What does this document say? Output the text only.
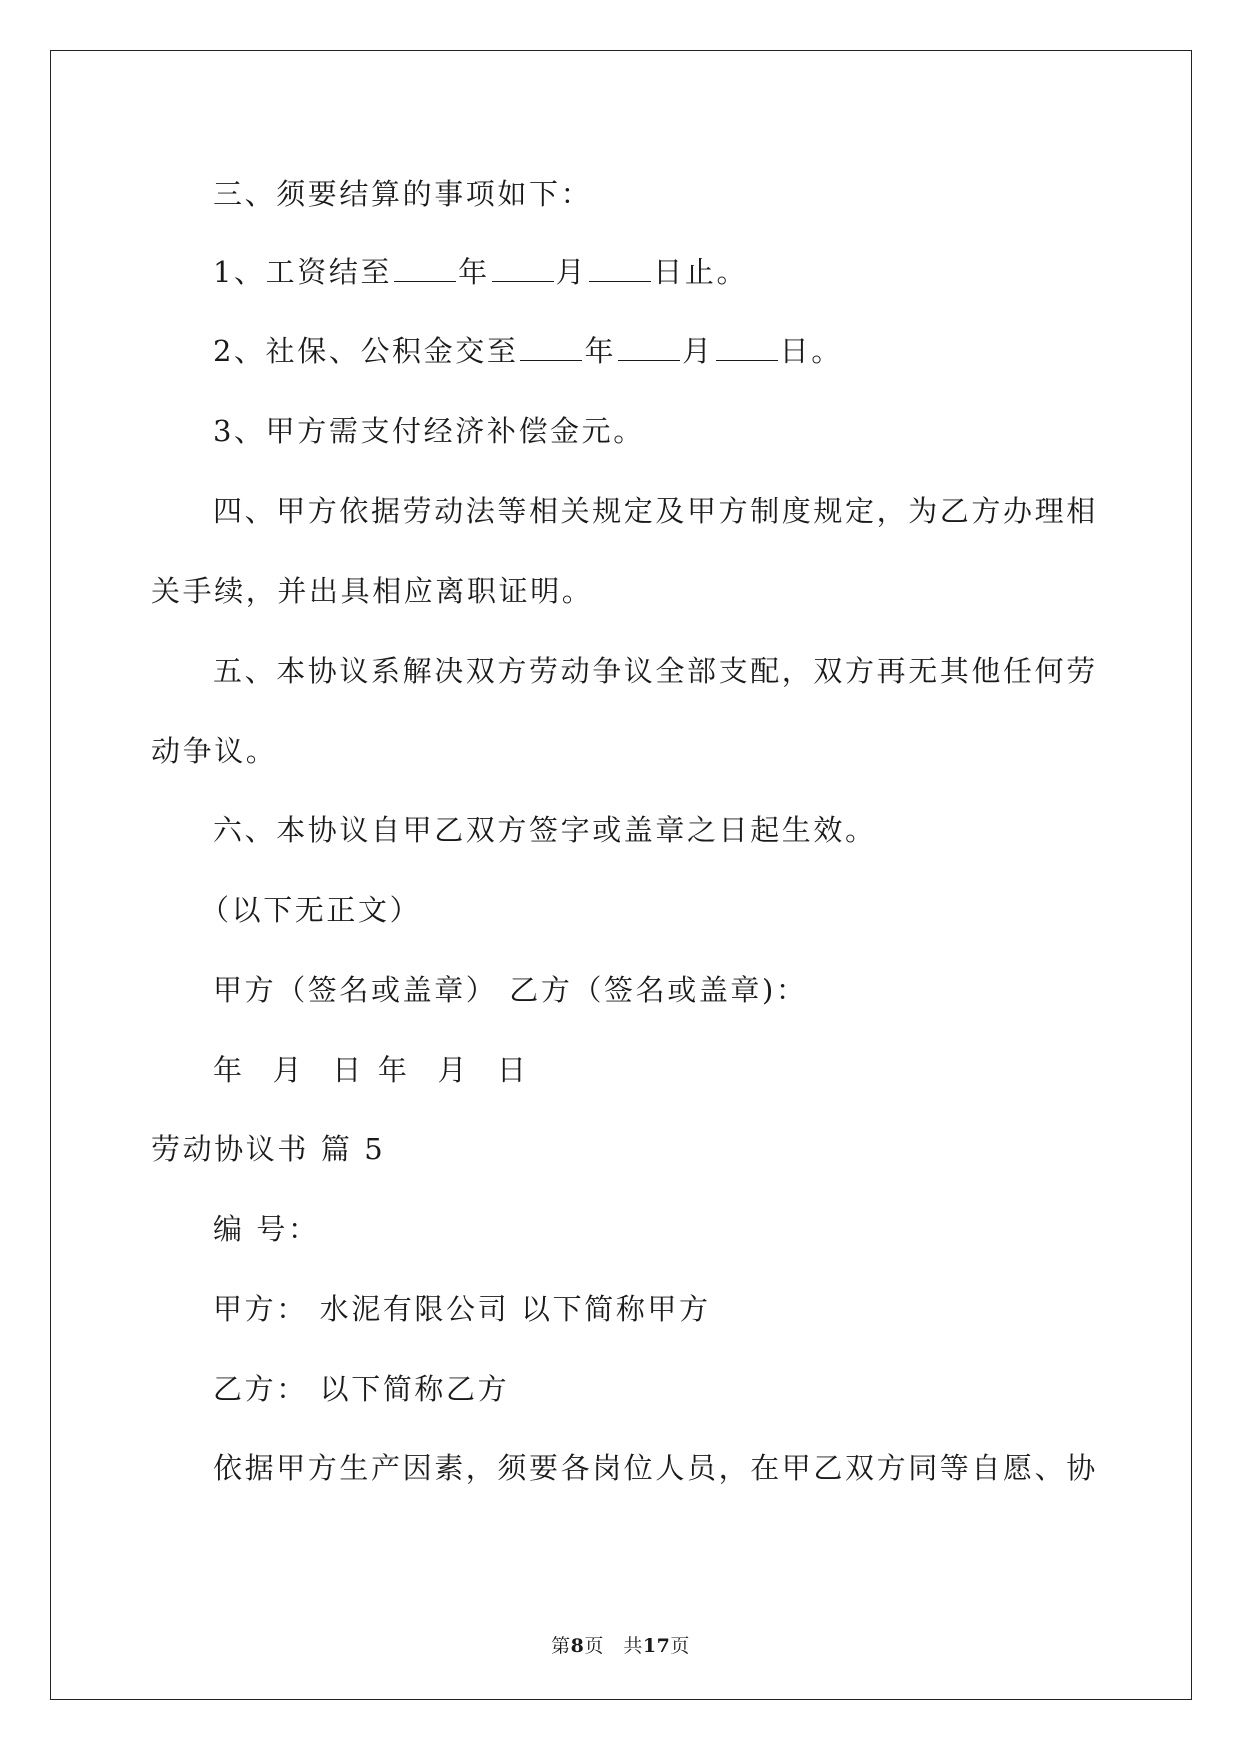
三、须要结算的事项如下：
1、工资结至 年 月 日止。
2、社保、公积金交至 年 月 日。
3、甲方需支付经济补偿金元。
四、甲方依据劳动法等相关规定及甲方制度规定，为乙方办理相
关手续，并出具相应离职证明。
五、本协议系解决双方劳动争议全部支配，双方再无其他任何劳
动争议。
六、本协议自甲乙双方签字或盖章之日起生效。
（以下无正文）
甲方（签名或盖章） 乙方（签名或盖章)：
年 月 日 年 月 日
劳动协议书 篇 5
编 号：
甲方： 水泥有限公司 以下简称甲方
乙方： 以下简称乙方
依据甲方生产因素，须要各岗位人员，在甲乙双方同等自愿、协
第8页　共17页
